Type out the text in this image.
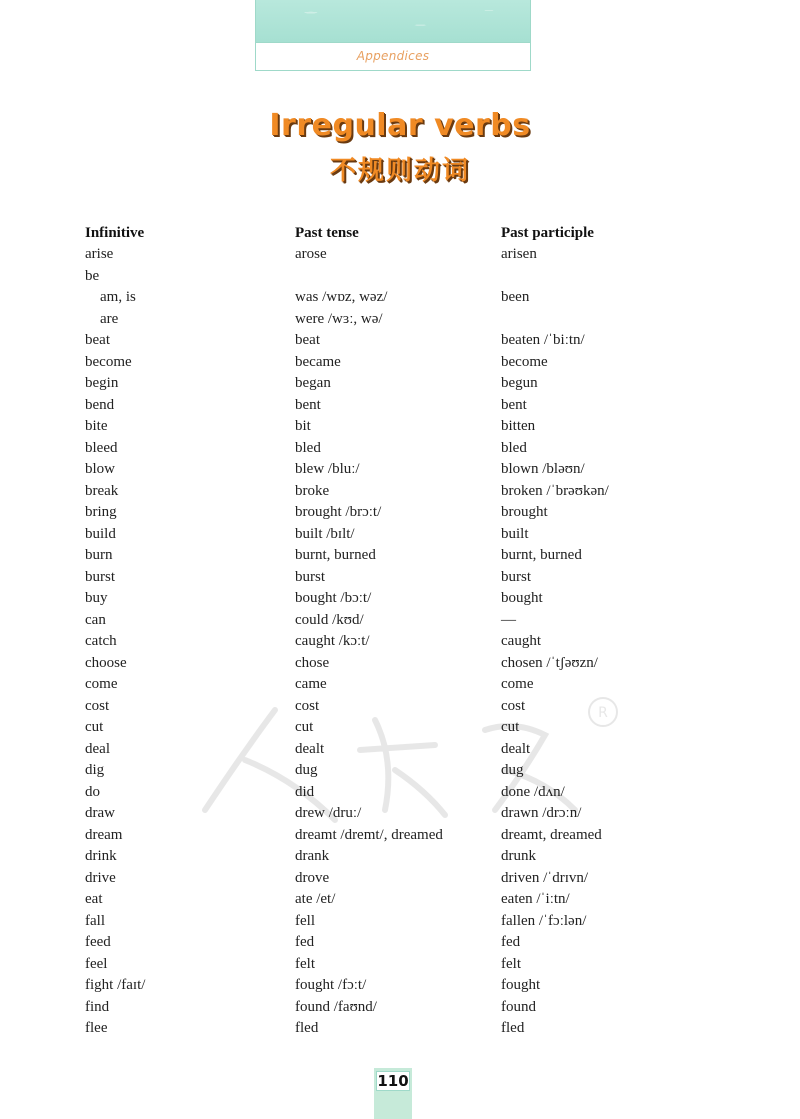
Appendices
Irregular verbs
不规则动词
R
Infinitive	Past tense	Past participle
arise	arose	arisen
be		
am, is	was /wɒz, wəz/	been
are	were /wɜː, wə/	
beat	beat	beaten /ˈbiːtn/
become	became	become
begin	began	begun
bend	bent	bent
bite	bit	bitten
bleed	bled	bled
blow	blew /bluː/	blown /bləʊn/
break	broke	broken /ˈbrəʊkən/
bring	brought /brɔːt/	brought
build	built /bɪlt/	built
burn	burnt, burned	burnt, burned
burst	burst	burst
buy	bought /bɔːt/	bought
can	could /kʊd/	—
catch	caught /kɔːt/	caught
choose	chose	chosen /ˈtʃəʊzn/
come	came	come
cost	cost	cost
cut	cut	cut
deal	dealt	dealt
dig	dug	dug
do	did	done /dʌn/
draw	drew /druː/	drawn /drɔːn/
dream	dreamt /dremt/, dreamed	dreamt, dreamed
drink	drank	drunk
drive	drove	driven /ˈdrɪvn/
eat	ate /et/	eaten /ˈiːtn/
fall	fell	fallen /ˈfɔːlən/
feed	fed	fed
feel	felt	felt
fight /faɪt/	fought /fɔːt/	fought
find	found /faʊnd/	found
flee	fled	fled
110
